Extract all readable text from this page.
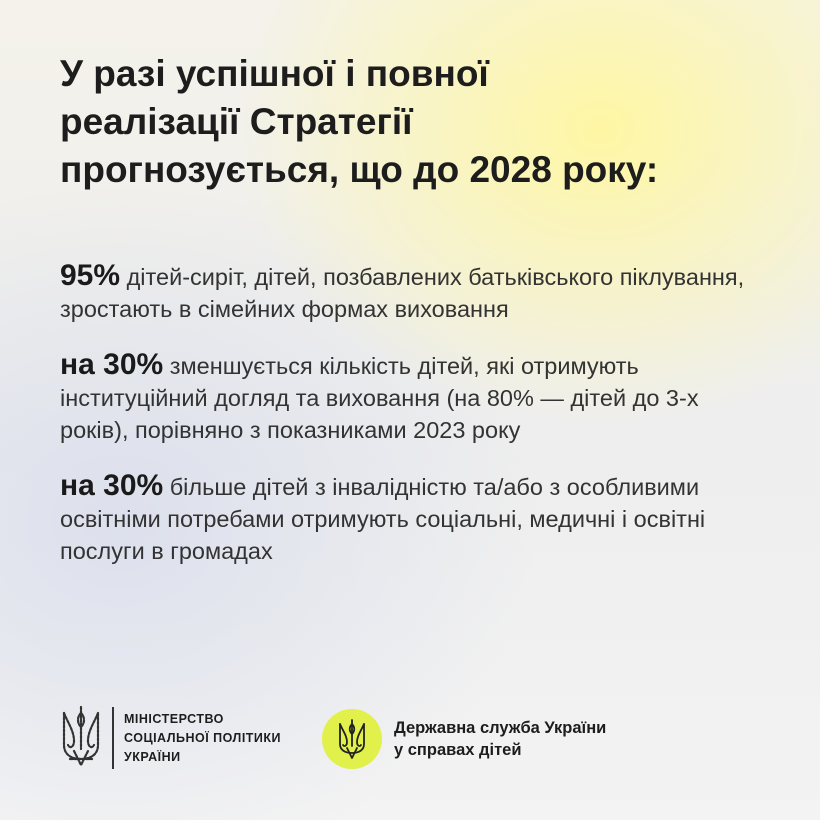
У разі успішної і повної
реалізації Стратегії
прогнозується, що до 2028 року:

95% дітей-сиріт, дітей, позбавлених батьківського піклування, зростають в сімейних формах виховання

на 30% зменшується кількість дітей, які отримують інституційний догляд та виховання (на 80% — дітей до 3-х років), порівняно з показниками 2023 року

на 30% більше дітей з інвалідністю та/або з особливими освітніми потребами отримують соціальні, медичні і освітні послуги в громадах

МІНІСТЕРСТВО
СОЦІАЛЬНОЇ ПОЛІТИКИ
УКРАЇНИ
Державна служба України
у справах дітей
